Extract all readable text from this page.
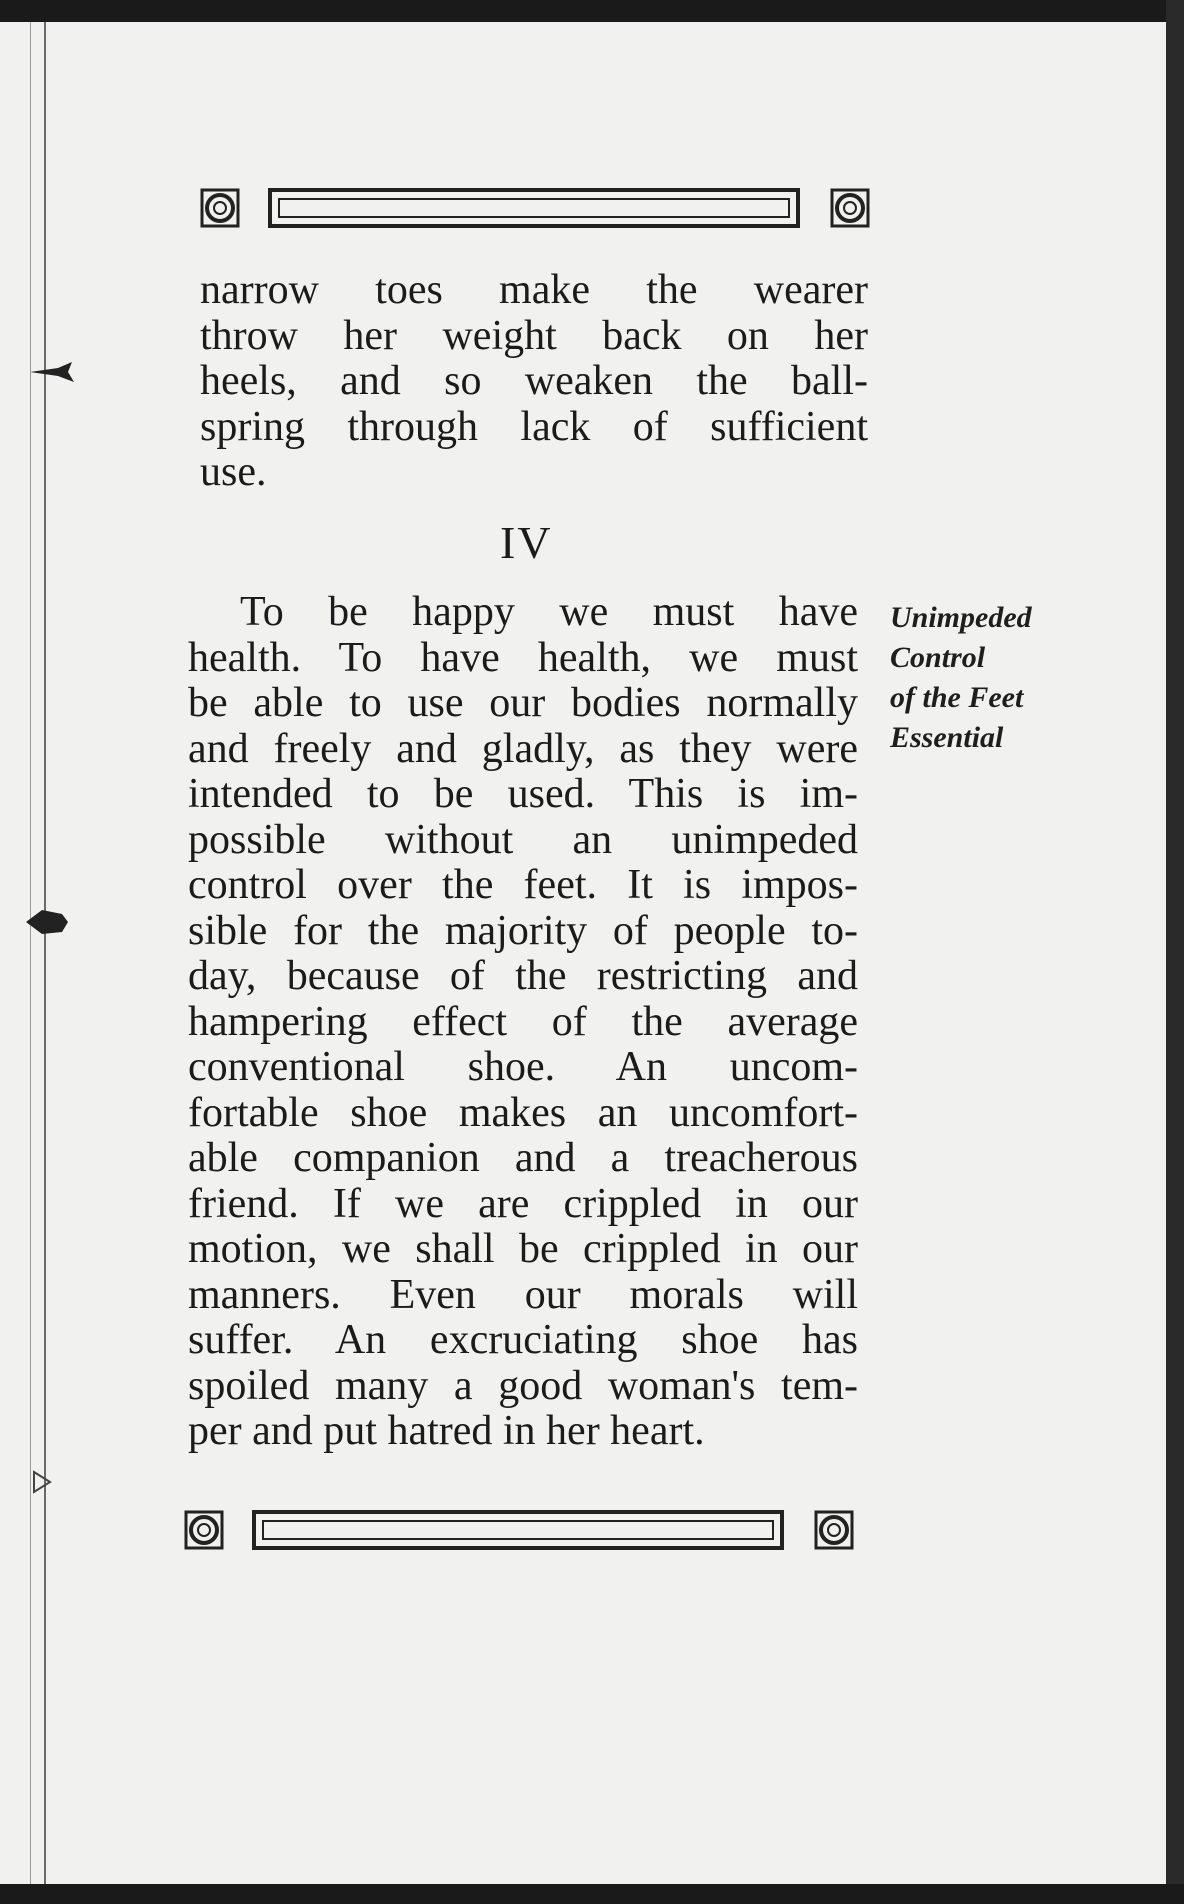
narrow toes make the wearer
throw her weight back on her
heels, and so weaken the ball-
spring through lack of sufficient
use.
IV
To be happy we must have
health. To have health, we must
be able to use our bodies normally
and freely and gladly, as they were
intended to be used. This is im-
possible without an unimpeded
control over the feet. It is impos-
sible for the majority of people to-
day, because of the restricting and
hampering effect of the average
conventional shoe. An uncom-
fortable shoe makes an uncomfort-
able companion and a treacherous
friend. If we are crippled in our
motion, we shall be crippled in our
manners. Even our morals will
suffer. An excruciating shoe has
spoiled many a good woman's tem-
per and put hatred in her heart.
Unimpeded
Control
of the Feet
Essential
